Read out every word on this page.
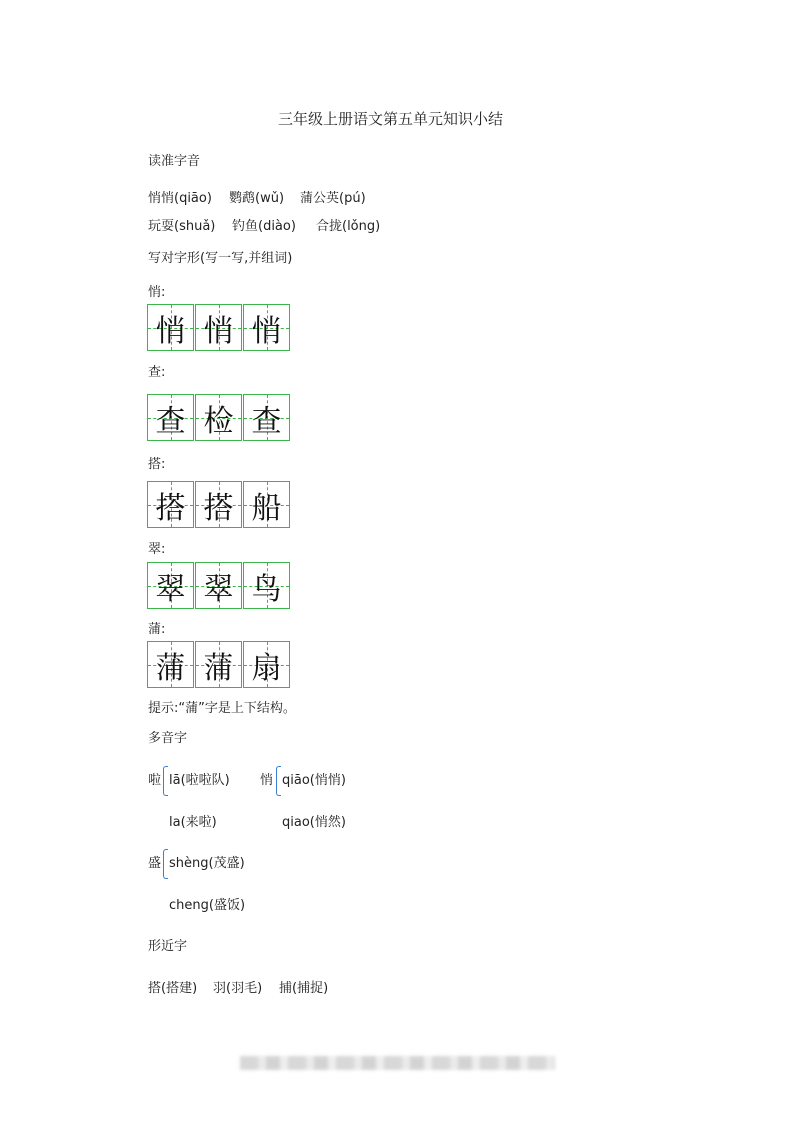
三年级上册语文第五单元知识小结
读准字音
悄悄(qiāo) 鹦鹉(wǔ) 蒲公英(pú)
玩耍(shuǎ) 钓鱼(diào) 合拢(lǒng)
写对字形(写一写,并组词)
悄:
悄 悄 悄
查:
查 检 查
搭:
搭 搭 船
翠:
翠 翠 鸟
蒲:
蒲 蒲 扇
提示:“蒲”字是上下结构。
多音字
啦 lā(啦啦队)
la(来啦)
悄 qiāo(悄悄)
qiao(悄然)
盛 shèng(茂盛)
cheng(盛饭)
形近字
搭(搭建) 羽(羽毛) 捕(捕捉)
